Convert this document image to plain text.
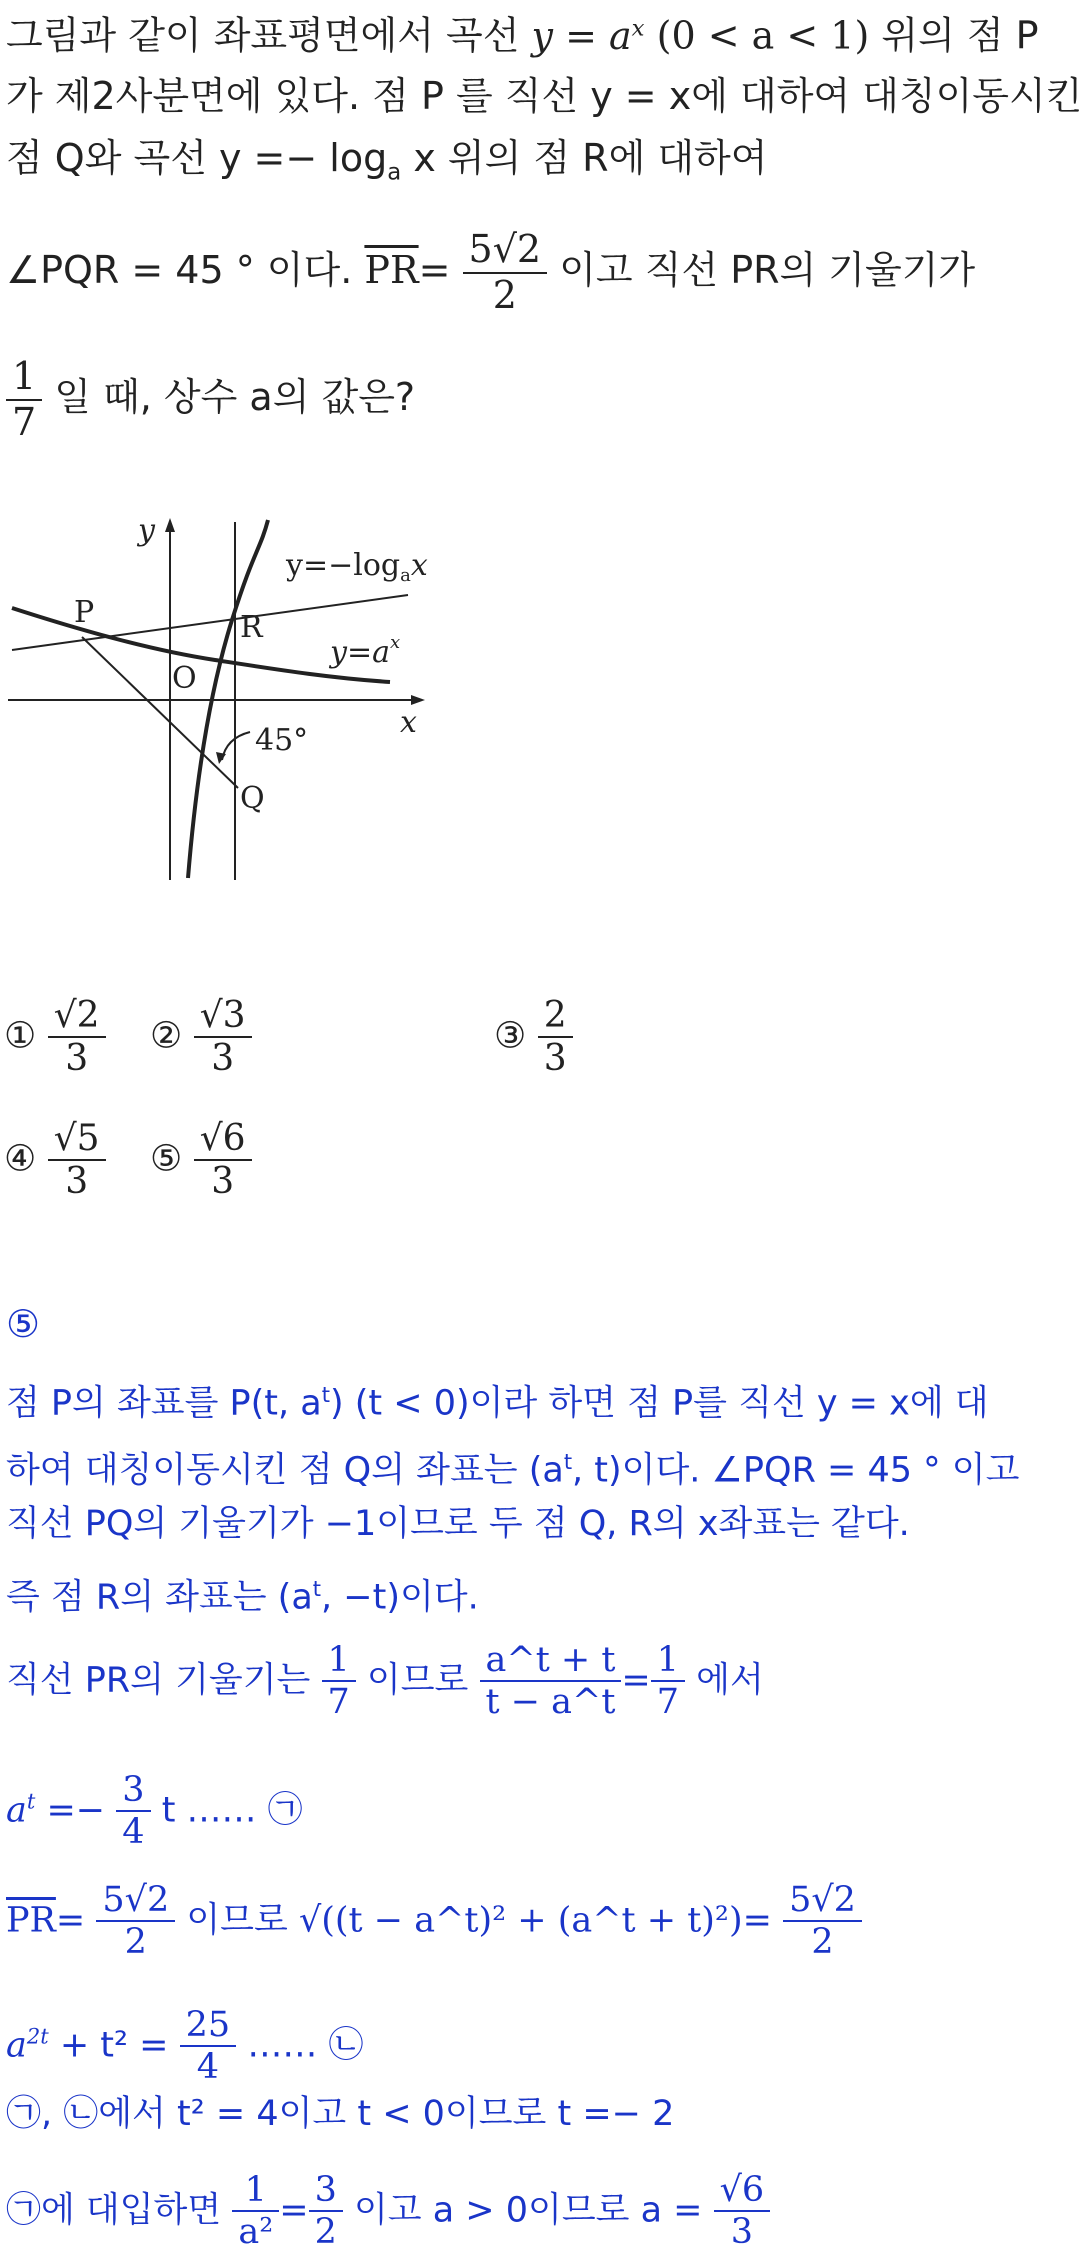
그림과 같이 좌표평면에서 곡선 $y = a^x$ (0 < a < 1) 위의 점 P
가 제2사분면에 있다. 점 P 를 직선 y = x에 대하여 대칭이동시킨
점 Q와 곡선 $y =- \log_a x$ 위의 점 R에 대하여
∠PQR = 45 ° 이다. $\overline{PR}= \frac{5√2}{2}$ 이고 직선 PR의 기울기가
$\frac{1}{7}$ 일 때, 상수 a의 값은?
y
x
O
P	R
Q
45°
$y=-\log_ax$
$y=a^x$
① $\frac{√2}{3}$ ② $\frac{√3}{3}$	③ $\frac{2}{3}$
④ $\frac{√5}{3}$ ⑤ $\frac{√6}{3}$
⑤
점 P의 좌표를 P(t, $a^t$) (t < 0)이라 하면 점 P를 직선 y = x에 대
하여 대칭이동시킨 점 Q의 좌표는 ($a^t$, t)이다. ∠PQR = 45 ° 이고
직선 PQ의 기울기가 −1이므로 두 점 Q, R의 x좌표는 같다.
즉 점 R의 좌표는 ($a^t$, −t)이다.
직선 PR의 기울기는 $\frac{1}{7}$ 이므로 $\frac{a\^{}t + t}{t - a\^{}t} = \frac{1}{7}$ 에서
$a^t =- \frac{3}{4}$ t …… ㉠
$\overline{PR}= \frac{5√2}{2}$ 이므로 √((t − a^t)² + (a^t + $t)^2)= \frac{5√2}{2}$
$a^{2t} + t^2 = \frac{25}{4}$ …… ㉡
㉠, ㉡에서 t² = 4이고 t < 0이므로 t =− 2
㉠에 대입하면 $\frac{1}{\text{a²}} = \frac{3}{2}$ 이고 a > 0이므로 $a = \frac{√6}{3}$
